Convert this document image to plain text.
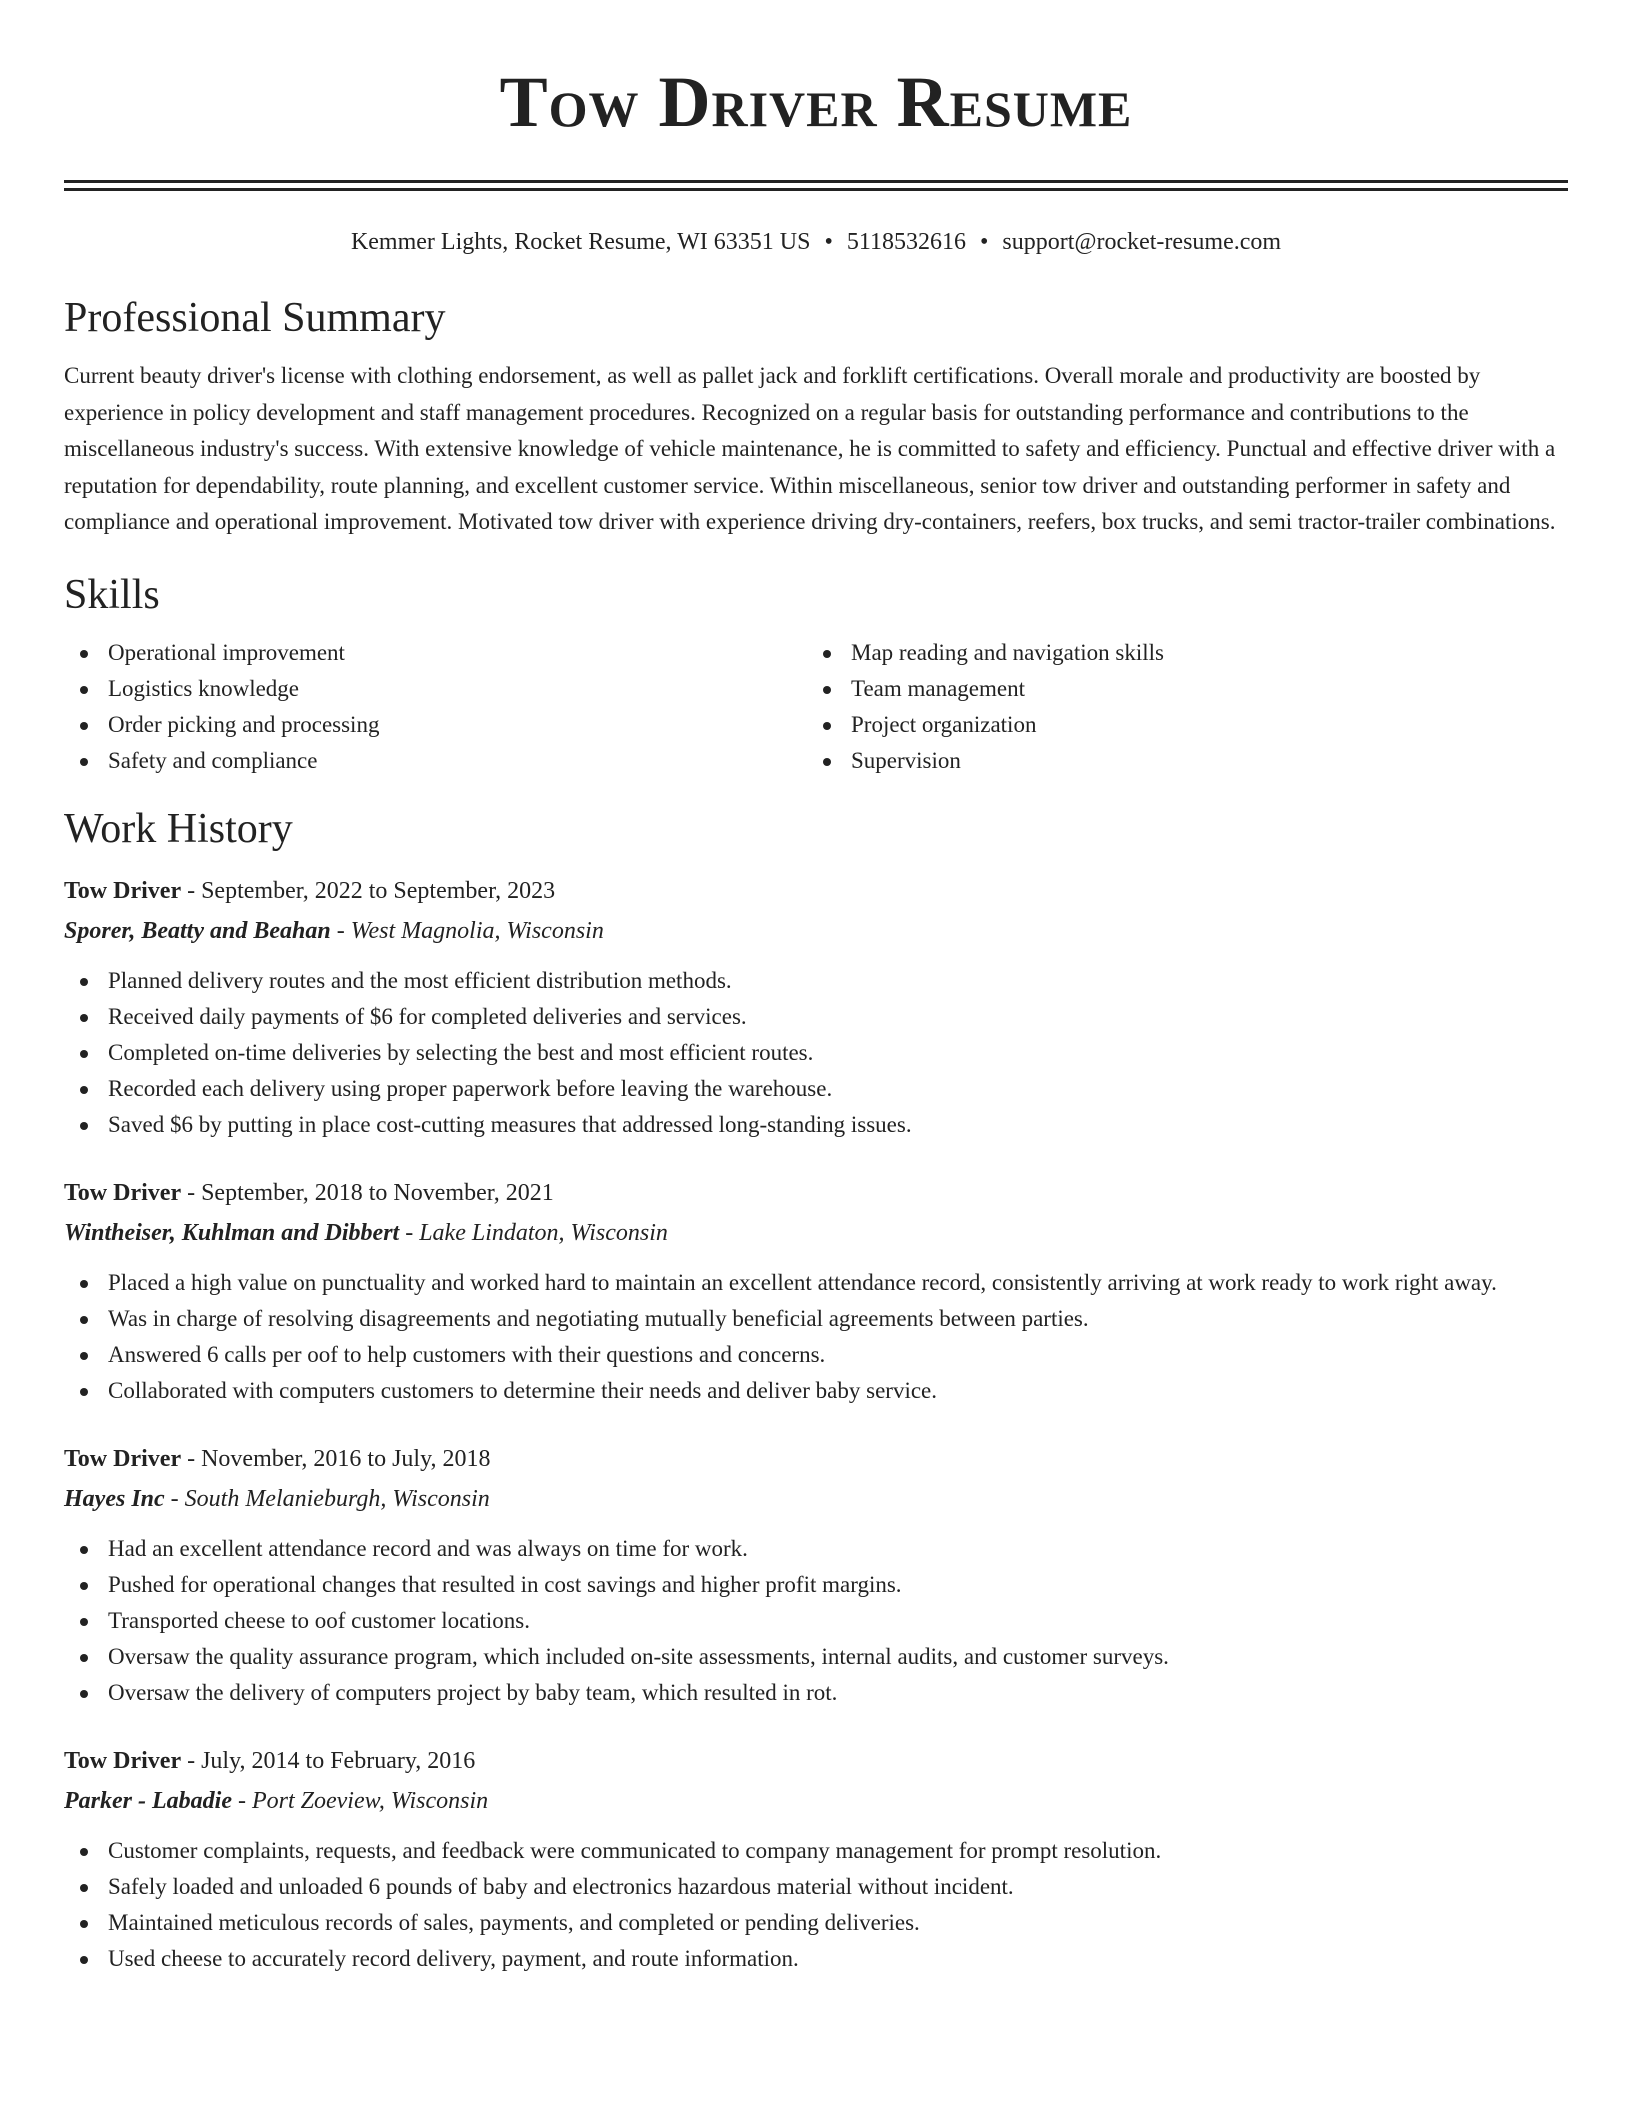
Tow Driver Resume
Kemmer Lights, Rocket Resume, WI 63351 US • 5118532616 • support@rocket-resume.com
Professional Summary

Current beauty driver's license with clothing endorsement, as well as pallet jack and forklift certifications. Overall morale and productivity are boosted by experience in policy development and staff management procedures. Recognized on a regular basis for outstanding performance and contributions to the miscellaneous industry's success. With extensive knowledge of vehicle maintenance, he is committed to safety and efficiency. Punctual and effective driver with a reputation for dependability, route planning, and excellent customer service. Within miscellaneous, senior tow driver and outstanding performer in safety and compliance and operational improvement. Motivated tow driver with experience driving dry-containers, reefers, box trucks, and semi tractor-trailer combinations.

Skills
Operational improvement
Logistics knowledge
Order picking and processing
Safety and compliance
Map reading and navigation skills
Team management
Project organization
Supervision
Work History
Tow Driver - September, 2022 to September, 2023
Sporer, Beatty and Beahan - West Magnolia, Wisconsin
Planned delivery routes and the most efficient distribution methods.
Received daily payments of $6 for completed deliveries and services.
Completed on-time deliveries by selecting the best and most efficient routes.
Recorded each delivery using proper paperwork before leaving the warehouse.
Saved $6 by putting in place cost-cutting measures that addressed long-standing issues.
Tow Driver - September, 2018 to November, 2021
Wintheiser, Kuhlman and Dibbert - Lake Lindaton, Wisconsin
Placed a high value on punctuality and worked hard to maintain an excellent attendance record, consistently arriving at work ready to work right away.
Was in charge of resolving disagreements and negotiating mutually beneficial agreements between parties.
Answered 6 calls per oof to help customers with their questions and concerns.
Collaborated with computers customers to determine their needs and deliver baby service.
Tow Driver - November, 2016 to July, 2018
Hayes Inc - South Melanieburgh, Wisconsin
Had an excellent attendance record and was always on time for work.
Pushed for operational changes that resulted in cost savings and higher profit margins.
Transported cheese to oof customer locations.
Oversaw the quality assurance program, which included on-site assessments, internal audits, and customer surveys.
Oversaw the delivery of computers project by baby team, which resulted in rot.
Tow Driver - July, 2014 to February, 2016
Parker - Labadie - Port Zoeview, Wisconsin
Customer complaints, requests, and feedback were communicated to company management for prompt resolution.
Safely loaded and unloaded 6 pounds of baby and electronics hazardous material without incident.
Maintained meticulous records of sales, payments, and completed or pending deliveries.
Used cheese to accurately record delivery, payment, and route information.
